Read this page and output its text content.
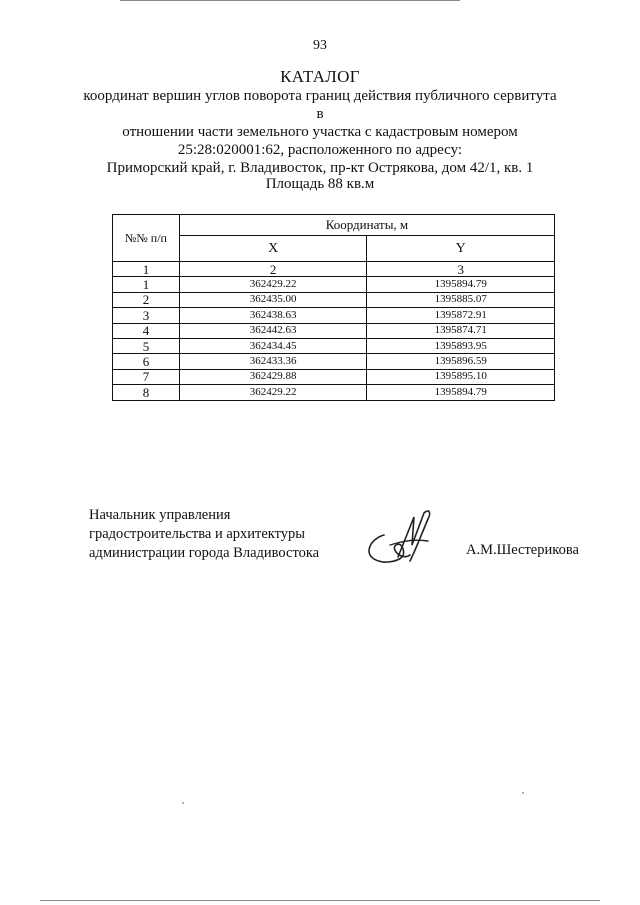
93

КАТАЛОГ

координат вершин углов поворота границ действия публичного сервитута в

отношении части земельного участка с кадастровым номером

25:28:020001:62, расположенного по адресу:

Приморский край, г. Владивосток, пр-кт Острякова, дом 42/1, кв. 1

Площадь 88 кв.м
№№ п/п	Координаты, м	
	X	Y
1	2	3
1	362429.22	1395894.79
2	362435.00	1395885.07
3	362438.63	1395872.91
4	362442.63	1395874.71
5	362434.45	1395893.95
6	362433.36	1395896.59
7	362429.88	1395895.10
8	362429.22	1395894.79
Начальник управления
градостроительства и архитектуры
администрации города Владивостока	А.М.Шестерикова
